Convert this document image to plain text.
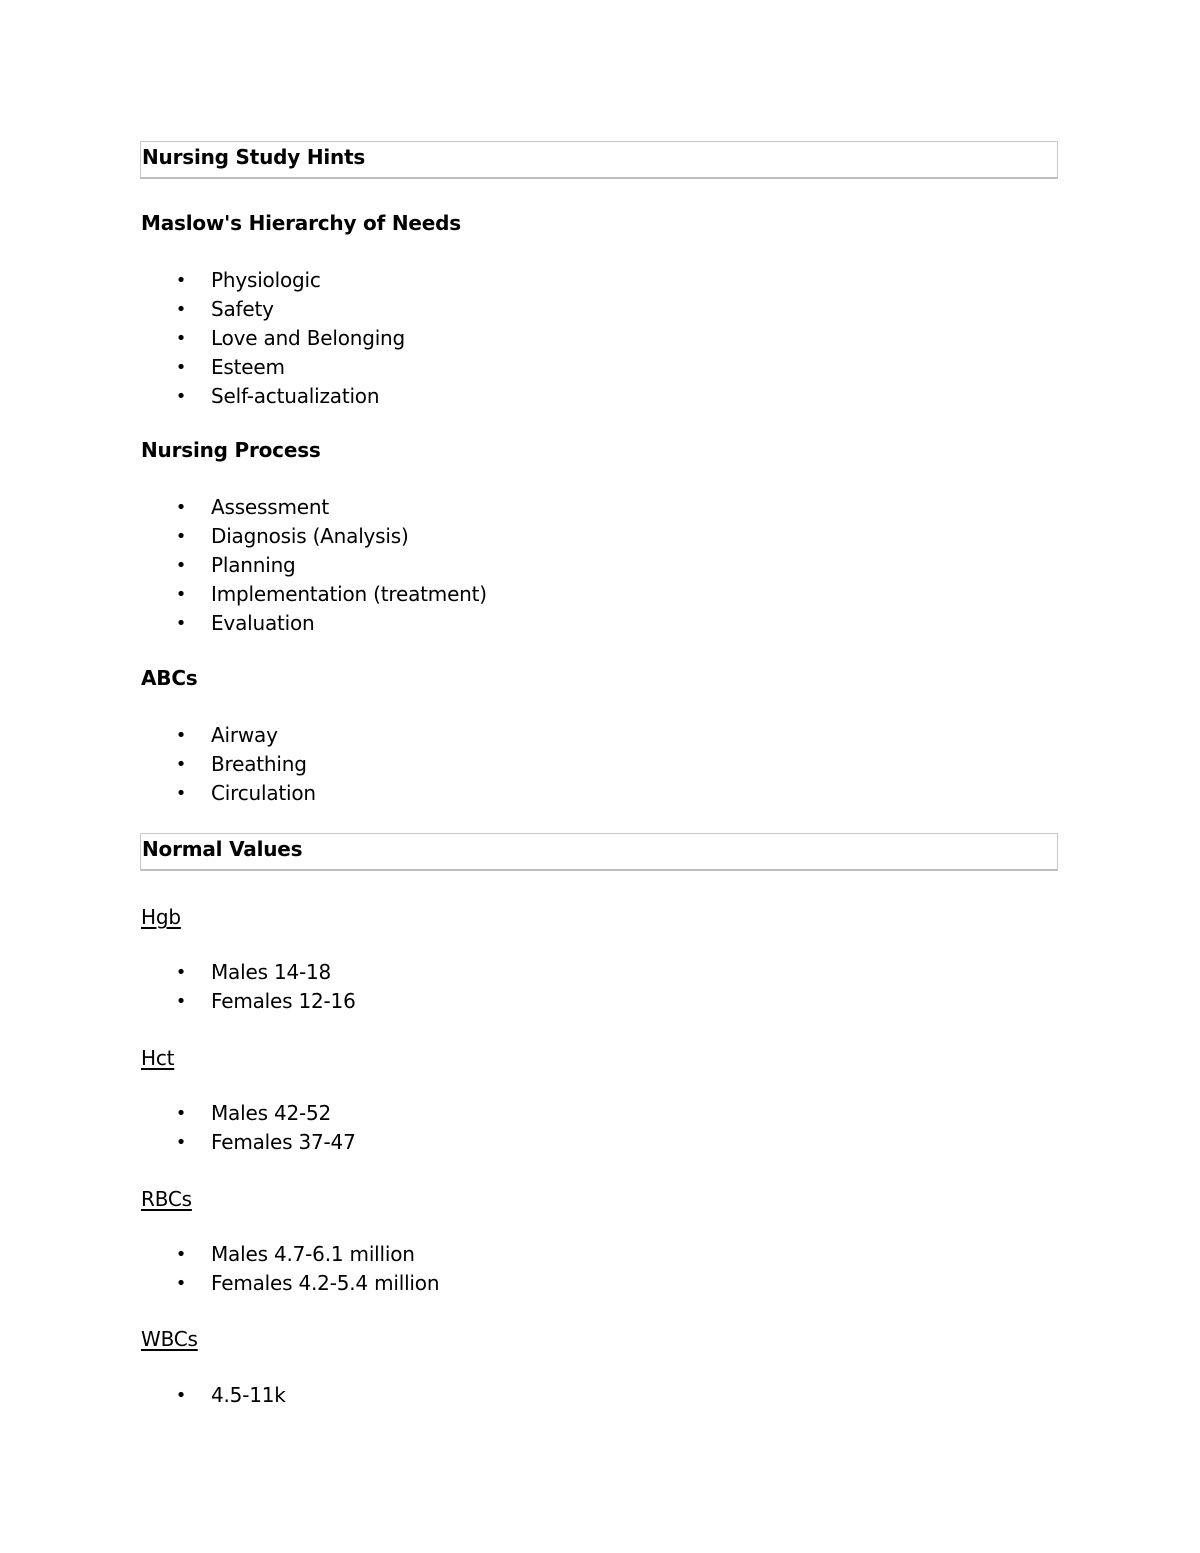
Nursing Study Hints
Maslow's Hierarchy of Needs
• Physiologic
• Safety
• Love and Belonging
• Esteem
• Self-actualization
Nursing Process
• Assessment
• Diagnosis (Analysis)
• Planning
• Implementation (treatment)
• Evaluation
ABCs
• Airway
• Breathing
• Circulation
Normal Values
Hgb
• Males 14-18
• Females 12-16
Hct
• Males 42-52
• Females 37-47
RBCs
• Males 4.7-6.1 million
• Females 4.2-5.4 million
WBCs
• 4.5-11k
